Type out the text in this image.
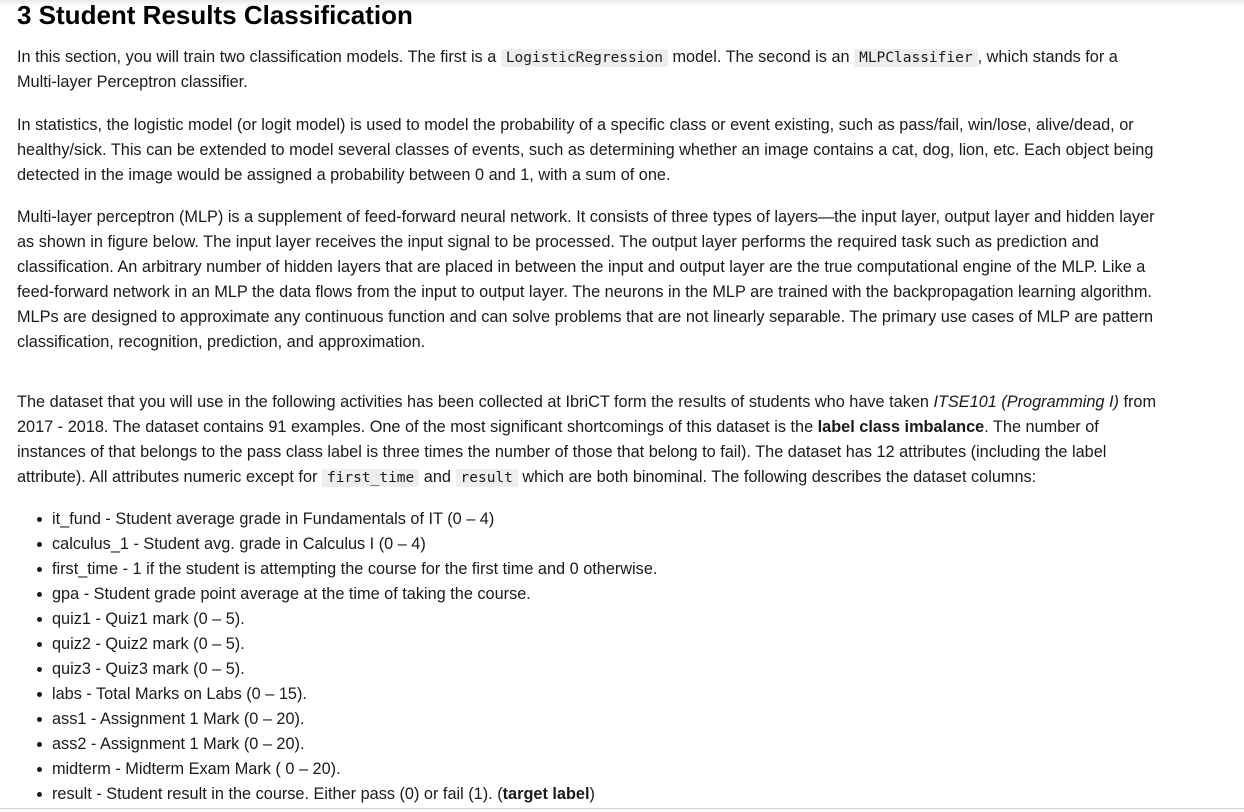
3 Student Results Classification

In this section, you will train two classification models. The first is a LogisticRegression model. The second is an MLPClassifier , which stands for a
Multi-layer Perceptron classifier.

In statistics, the logistic model (or logit model) is used to model the probability of a specific class or event existing, such as pass/fail, win/lose, alive/dead, or
healthy/sick. This can be extended to model several classes of events, such as determining whether an image contains a cat, dog, lion, etc. Each object being
detected in the image would be assigned a probability between 0 and 1, with a sum of one.

Multi-layer perceptron (MLP) is a supplement of feed-forward neural network. It consists of three types of layers—the input layer, output layer and hidden layer
as shown in figure below. The input layer receives the input signal to be processed. The output layer performs the required task such as prediction and
classification. An arbitrary number of hidden layers that are placed in between the input and output layer are the true computational engine of the MLP. Like a
feed-forward network in an MLP the data flows from the input to output layer. The neurons in the MLP are trained with the backpropagation learning algorithm.
MLPs are designed to approximate any continuous function and can solve problems that are not linearly separable. The primary use cases of MLP are pattern
classification, recognition, prediction, and approximation.

The dataset that you will use in the following activities has been collected at IbriCT form the results of students who have taken ITSE101 (Programming I) from
2017 - 2018. The dataset contains 91 examples. One of the most significant shortcomings of this dataset is the label class imbalance. The number of
instances of that belongs to the pass class label is three times the number of those that belong to fail). The dataset has 12 attributes (including the label
attribute). All attributes numeric except for first_time and result which are both binominal. The following describes the dataset columns:

it_fund - Student average grade in Fundamentals of IT (0 – 4)
calculus_1 - Student avg. grade in Calculus I (0 – 4)
first_time - 1 if the student is attempting the course for the first time and 0 otherwise.
gpa - Student grade point average at the time of taking the course.
quiz1 - Quiz1 mark (0 – 5).
quiz2 - Quiz2 mark (0 – 5).
quiz3 - Quiz3 mark (0 – 5).
labs - Total Marks on Labs (0 – 15).
ass1 - Assignment 1 Mark (0 – 20).
ass2 - Assignment 1 Mark (0 – 20).
midterm - Midterm Exam Mark ( 0 – 20).
result - Student result in the course. Either pass (0) or fail (1). (target label)
